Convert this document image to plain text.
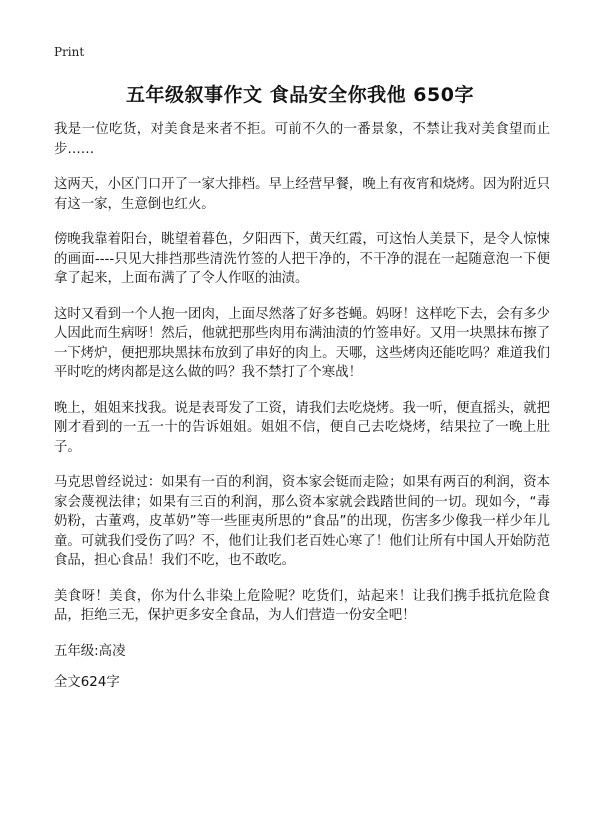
Print
五年级叙事作文 食品安全你我他 650字

我是一位吃货，对美食是来者不拒。可前不久的一番景象，不禁让我对美食望而止步……

这两天，小区门口开了一家大排档。早上经营早餐，晚上有夜宵和烧烤。因为附近只有这一家，生意倒也红火。

傍晚我靠着阳台，眺望着暮色，夕阳西下，黄天红霞，可这怡人美景下，是令人惊悚的画面----只见大排挡那些清洗竹签的人把干净的，不干净的混在一起随意泡一下便拿了起来，上面布满了了令人作呕的油渍。

这时又看到一个人抱一团肉，上面尽然落了好多苍蝇。妈呀！这样吃下去，会有多少人因此而生病呀！然后，他就把那些肉用布满油渍的竹签串好。又用一块黑抹布擦了一下烤炉，便把那块黑抹布放到了串好的肉上。天哪，这些烤肉还能吃吗？难道我们平时吃的烤肉都是这么做的吗？我不禁打了个寒战！

晚上，姐姐来找我。说是表哥发了工资，请我们去吃烧烤。我一听，便直摇头，就把刚才看到的一五一十的告诉姐姐。姐姐不信，便自己去吃烧烤，结果拉了一晚上肚子。

马克思曾经说过：如果有一百的利润，资本家会铤而走险；如果有两百的利润，资本家会蔑视法律；如果有三百的利润，那么资本家就会践踏世间的一切。现如今，“毒奶粉，古董鸡，皮革奶”等一些匪夷所思的“食品”的出现，伤害多少像我一样少年儿童。可就我们受伤了吗？不，他们让我们老百姓心寒了！他们让所有中国人开始防范食品，担心食品！我们不吃，也不敢吃。

美食呀！美食，你为什么非染上危险呢？吃货们，站起来！让我们携手抵抗危险食品，拒绝三无，保护更多安全食品，为人们营造一份安全吧！

五年级:高凌

全文624字
